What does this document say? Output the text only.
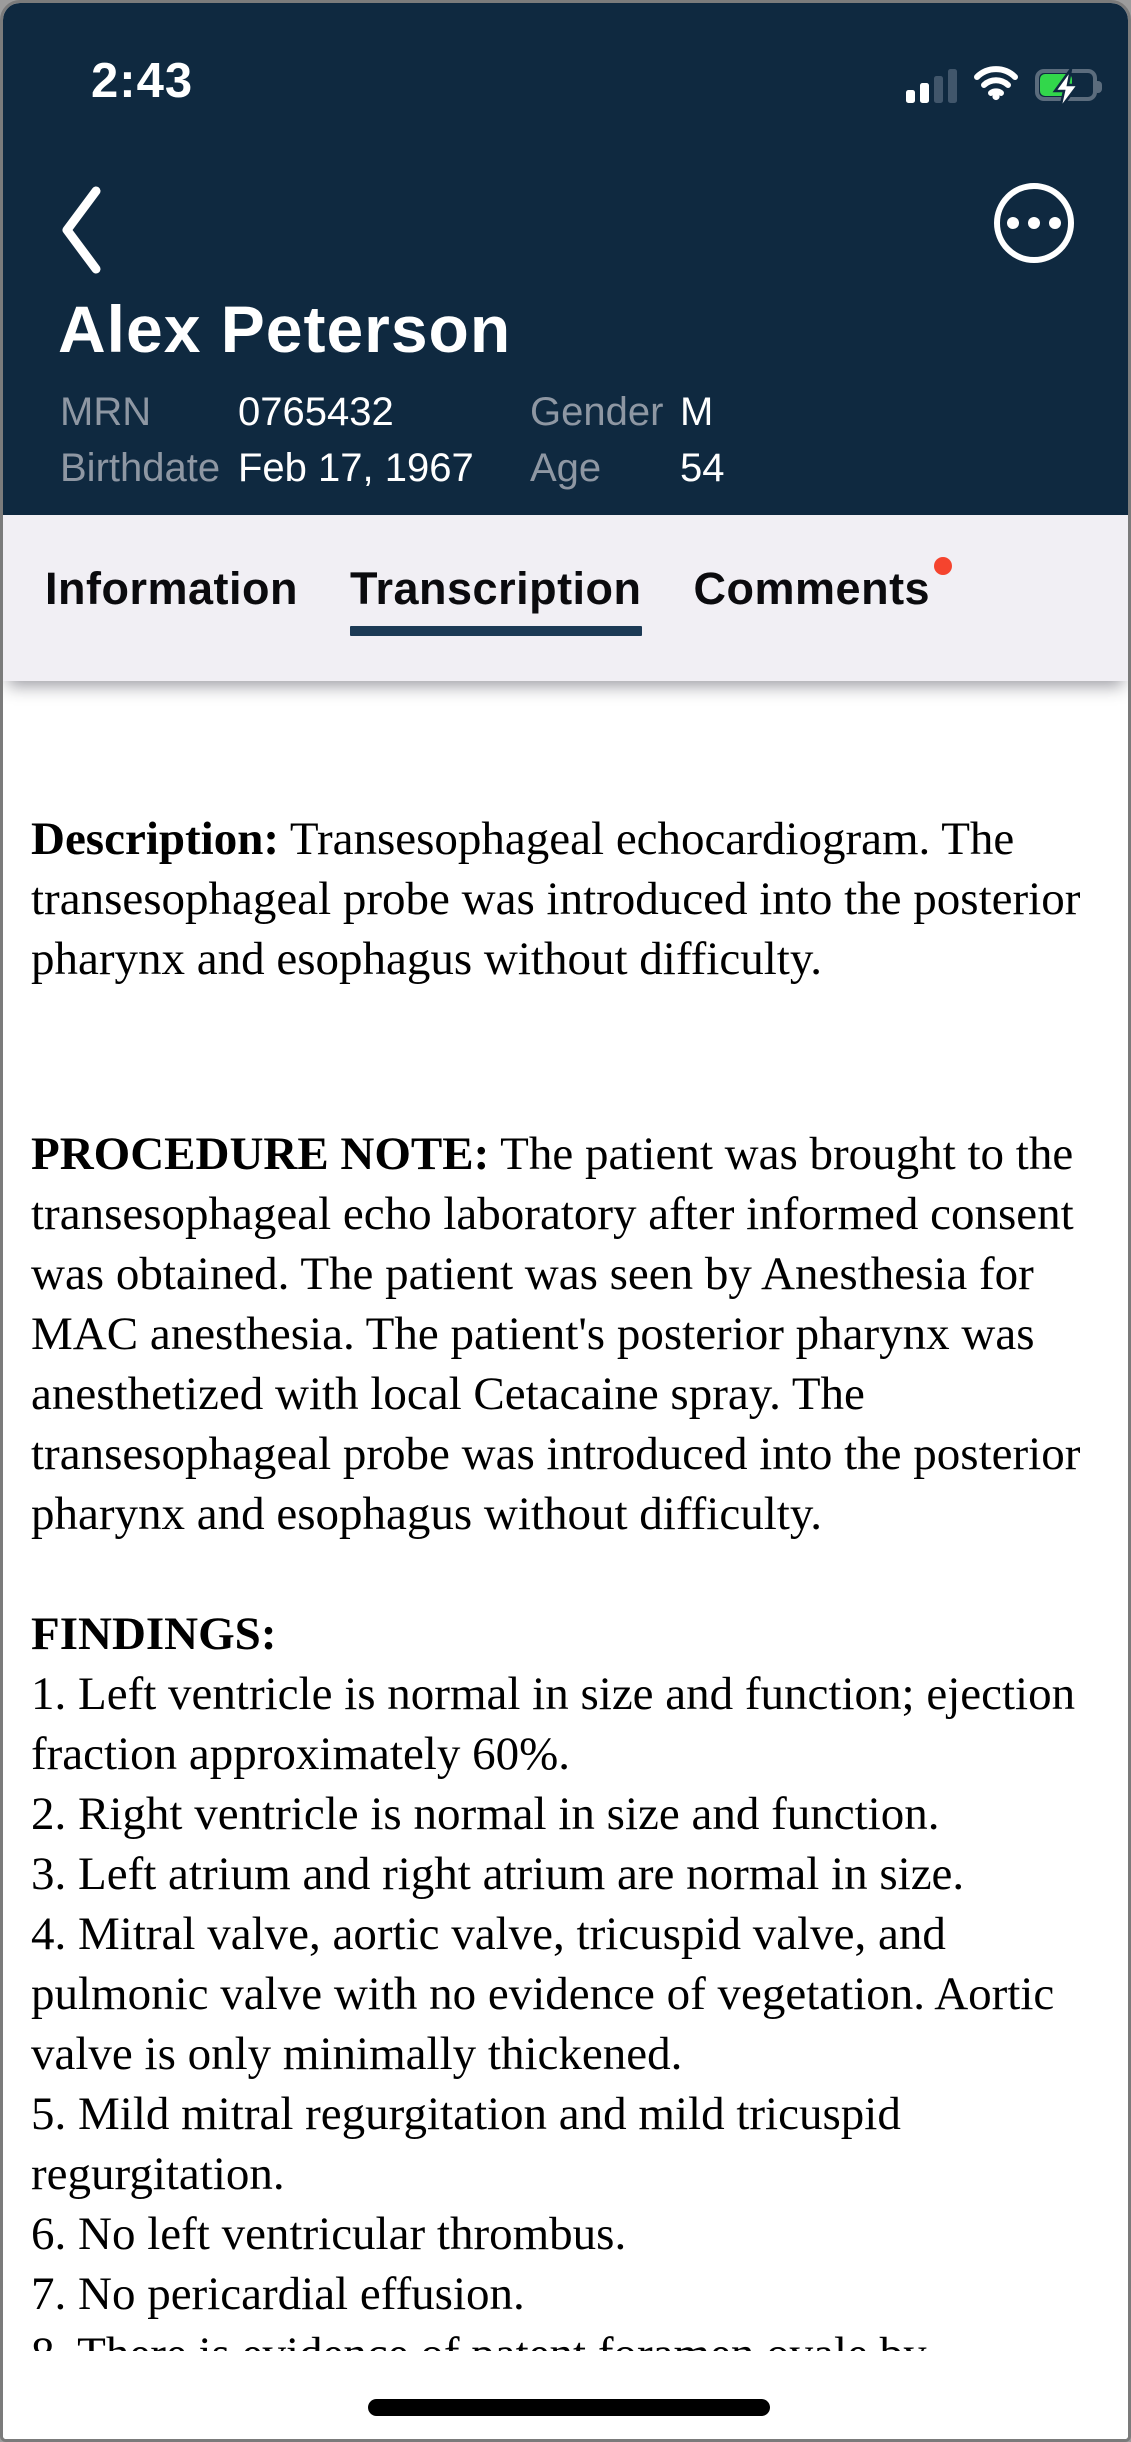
2:43
Alex Peterson
MRN	0765432	Gender M
Birthdate Feb 17, 1967	Age	54
Information Transcription Comments

Description: Transesophageal echocardiogram. The transesophageal probe was introduced into the posterior pharynx and esophagus without difficulty.

PROCEDURE NOTE: The patient was brought to the transesophageal echo laboratory after informed consent was obtained. The patient was seen by Anesthesia for MAC anesthesia. The patient's posterior pharynx was anesthetized with local Cetacaine spray. The transesophageal probe was introduced into the posterior pharynx and esophagus without difficulty.

FINDINGS:
1. Left ventricle is normal in size and function; ejection fraction approximately 60%.
2. Right ventricle is normal in size and function.
3. Left atrium and right atrium are normal in size.
4. Mitral valve, aortic valve, tricuspid valve, and pulmonic valve with no evidence of vegetation. Aortic valve is only minimally thickened.
5. Mild mitral regurgitation and mild tricuspid regurgitation.
6. No left ventricular thrombus.
7. No pericardial effusion.
